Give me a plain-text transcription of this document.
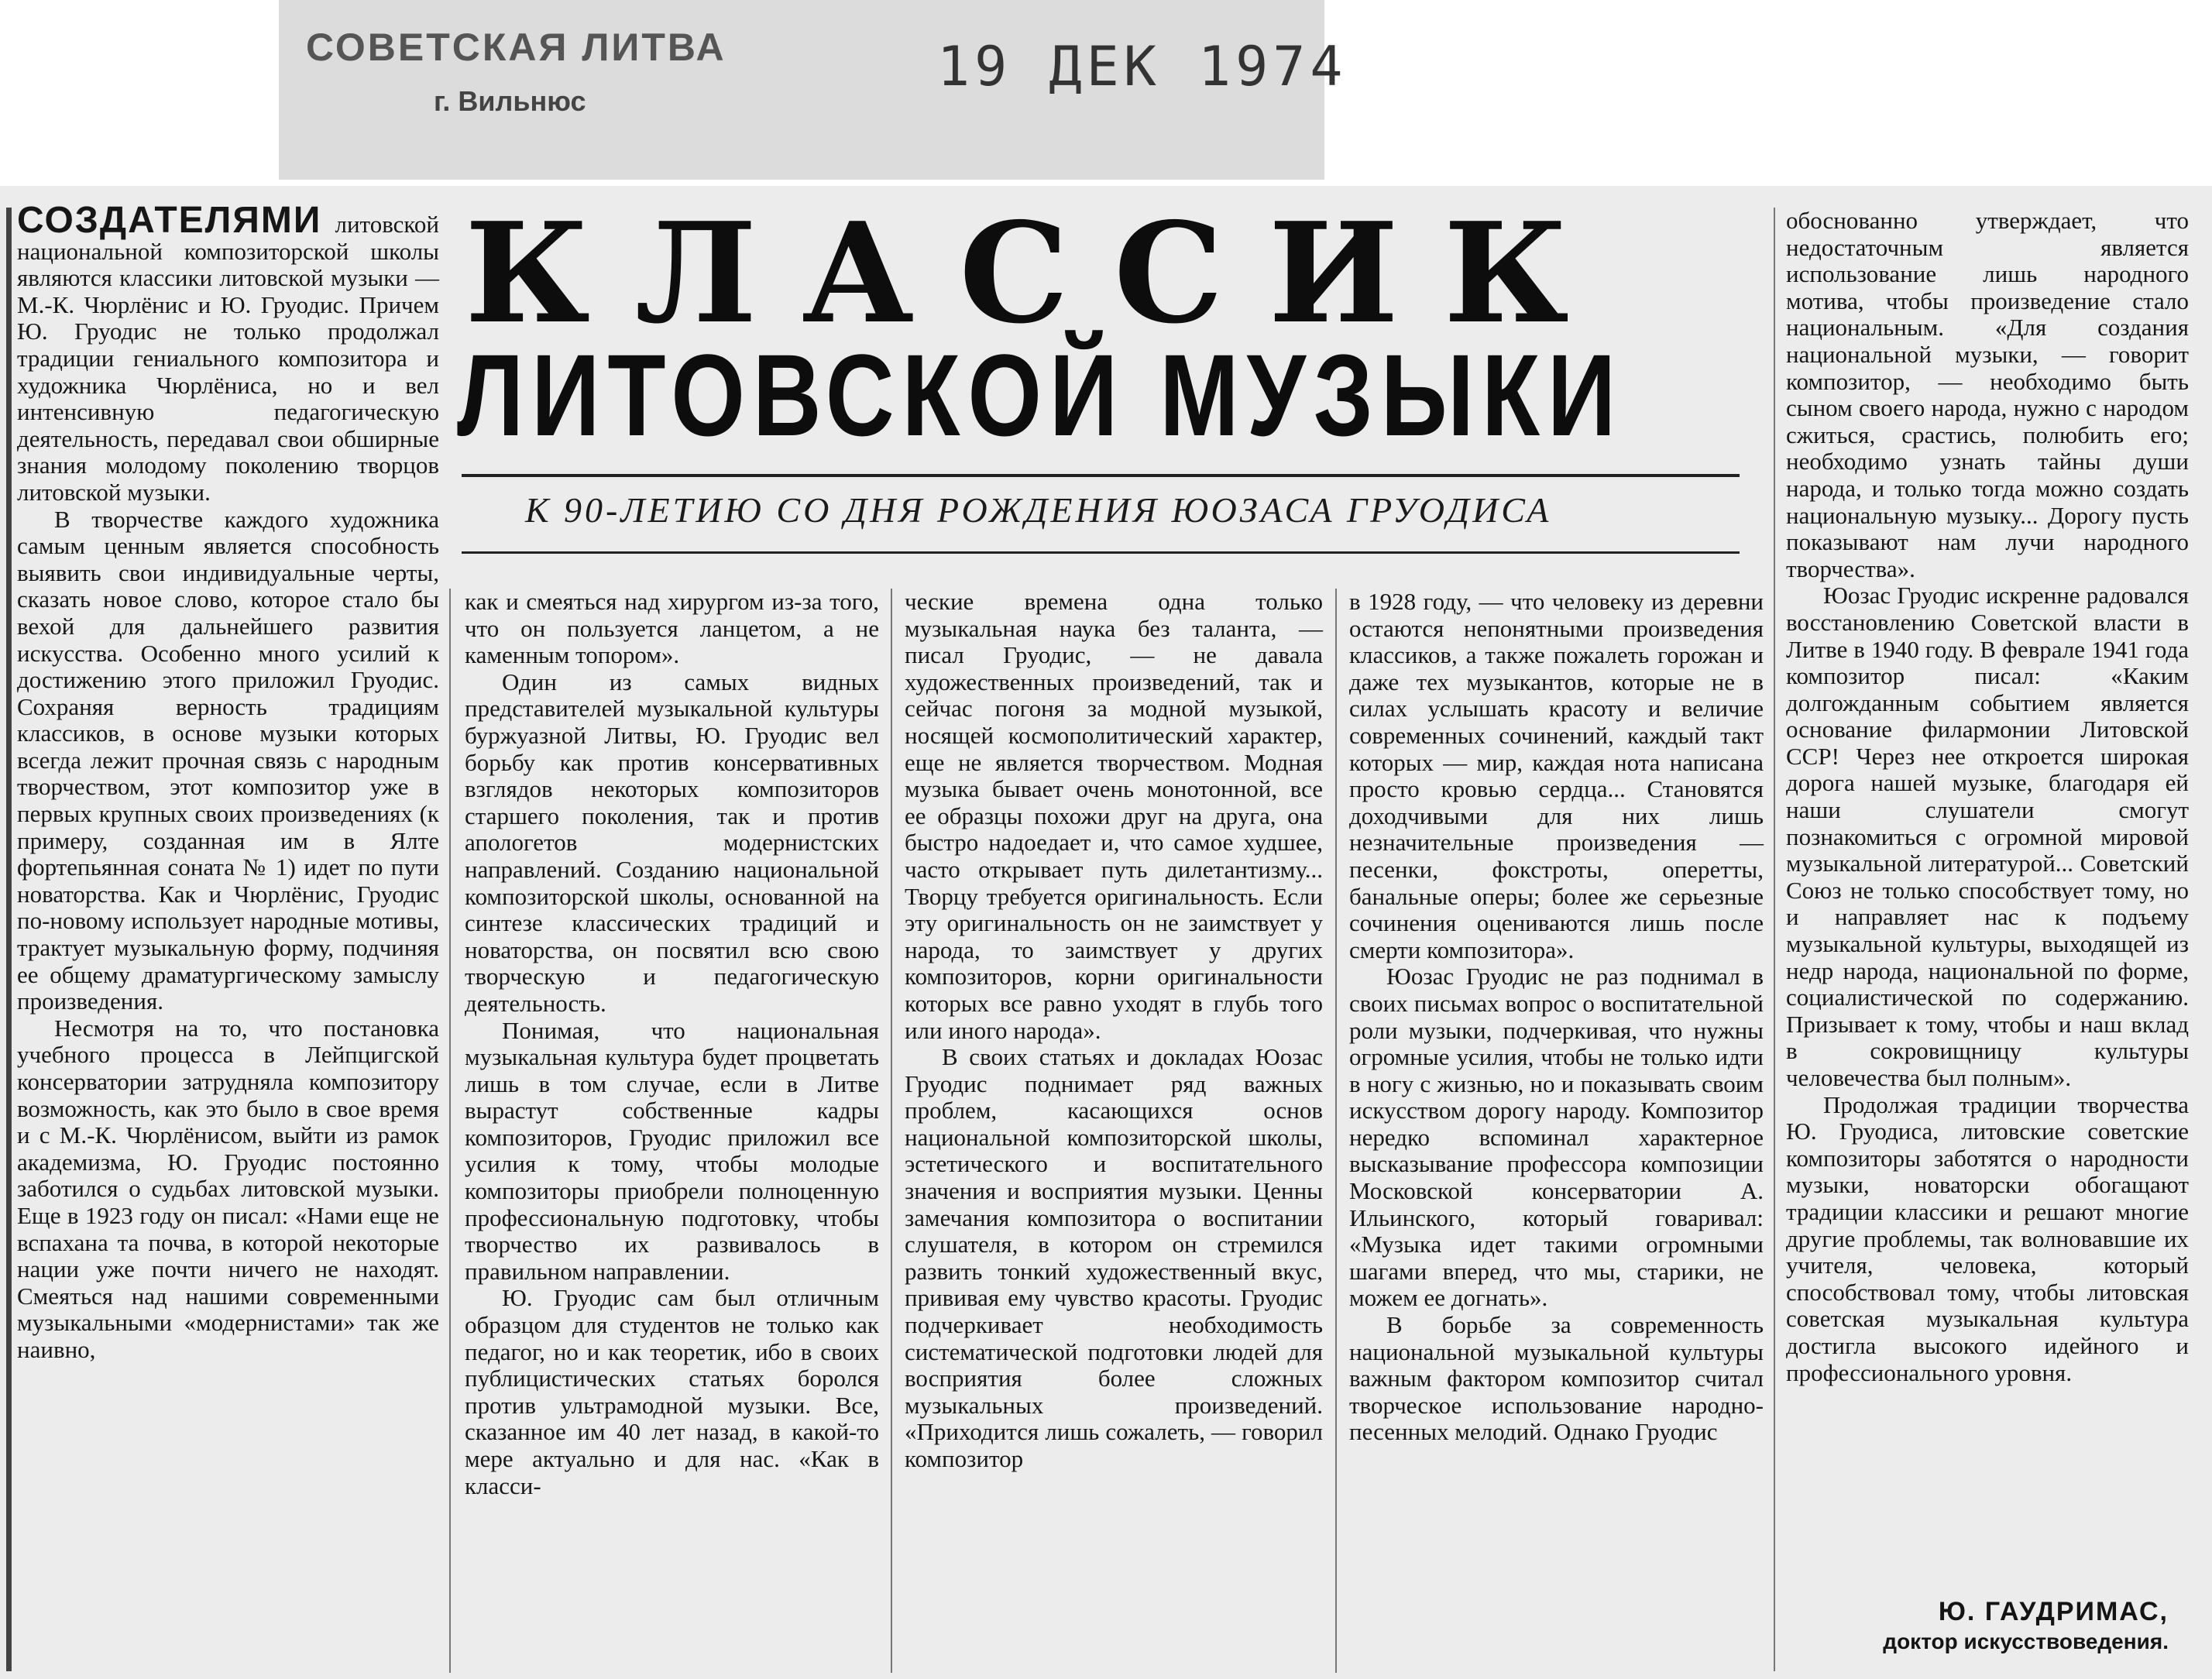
СОВЕТСКАЯ ЛИТВА
г. Вильнюс
19 ДЕК 1974

СОЗДАТЕЛЯМИ литовской национальной композиторской школы являются классики литовской музыки — М.-К. Чюрлёнис и Ю. Груодис. Причем Ю. Груодис не только продолжал традиции гениального композитора и художника Чюрлёниса, но и вел интенсивную педагогическую деятельность, передавал свои обширные знания молодому поколению творцов литовской музыки.

В творчестве каждого художника самым ценным является способность выявить свои индивидуальные черты, сказать новое слово, которое стало бы вехой для дальнейшего развития искусства. Особенно много усилий к достижению этого приложил Груодис. Сохраняя верность традициям классиков, в основе музыки которых всегда лежит прочная связь с народным творчеством, этот композитор уже в первых крупных своих произведениях (к примеру, созданная им в Ялте фортепьянная соната № 1) идет по пути новаторства. Как и Чюрлёнис, Груодис по-новому использует народные мотивы, трактует музыкальную форму, подчиняя ее общему драматургическому замыслу произведения.

Несмотря на то, что постановка учебного процесса в Лейпцигской консерватории затрудняла композитору возможность, как это было в свое время и с М.-К. Чюрлёнисом, выйти из рамок академизма, Ю. Груодис постоянно заботился о судьбах литовской музыки. Еще в 1923 году он писал: «Нами еще не вспахана та почва, в которой некоторые нации уже почти ничего не находят. Смеяться над нашими современными музыкальными «модернистами» так же наивно,

КЛАССИК
ЛИТОВСКОЙ МУЗЫКИ
К 90-ЛЕТИЮ СО ДНЯ РОЖДЕНИЯ ЮОЗАСА ГРУОДИСА

как и смеяться над хирургом из-за того, что он пользуется ланцетом, а не каменным топором».

Один из самых видных представителей музыкальной культуры буржуазной Литвы, Ю. Груодис вел борьбу как против консервативных взглядов некоторых композиторов старшего поколения, так и против апологетов модернистских направлений. Созданию национальной композиторской школы, основанной на синтезе классических традиций и новаторства, он посвятил всю свою творческую и педагогическую деятельность.

Понимая, что национальная музыкальная культура будет процветать лишь в том случае, если в Литве вырастут собственные кадры композиторов, Груодис приложил все усилия к тому, чтобы молодые композиторы приобрели полноценную профессиональную подготовку, чтобы творчество их развивалось в правильном направлении.

Ю. Груодис сам был отличным образцом для студентов не только как педагог, но и как теоретик, ибо в своих публицистических статьях боролся против ультрамодной музыки. Все, сказанное им 40 лет назад, в какой-то мере актуально и для нас. «Как в класси-

ческие времена одна только музыкальная наука без таланта, — писал Груодис, — не давала художественных произведений, так и сейчас погоня за модной музыкой, носящей космополитический характер, еще не является творчеством. Модная музыка бывает очень монотонной, все ее образцы похожи друг на друга, она быстро надоедает и, что самое худшее, часто открывает путь дилетантизму... Творцу требуется оригинальность. Если эту оригинальность он не заимствует у народа, то заимствует у других композиторов, корни оригинальности которых все равно уходят в глубь того или иного народа».

В своих статьях и докладах Юозас Груодис поднимает ряд важных проблем, касающихся основ национальной композиторской школы, эстетического и воспитательного значения и восприятия музыки. Ценны замечания композитора о воспитании слушателя, в котором он стремился развить тонкий художественный вкус, прививая ему чувство красоты. Груодис подчеркивает необходимость систематической подготовки людей для восприятия более сложных музыкальных произведений. «Приходится лишь сожалеть, — говорил композитор

в 1928 году, — что человеку из деревни остаются непонятными произведения классиков, а также пожалеть горожан и даже тех музыкантов, которые не в силах услышать красоту и величие современных сочинений, каждый такт которых — мир, каждая нота написана просто кровью сердца... Становятся доходчивыми для них лишь незначительные произведения — песенки, фокстроты, оперетты, банальные оперы; более же серьезные сочинения оцениваются лишь после смерти композитора».

Юозас Груодис не раз поднимал в своих письмах вопрос о воспитательной роли музыки, подчеркивая, что нужны огромные усилия, чтобы не только идти в ногу с жизнью, но и показывать своим искусством дорогу народу. Композитор нередко вспоминал характерное высказывание профессора композиции Московской консерватории А. Ильинского, который говаривал: «Музыка идет такими огромными шагами вперед, что мы, старики, не можем ее догнать».

В борьбе за современность национальной музыкальной культуры важным фактором композитор считал творческое использование народно-песенных мелодий. Однако Груодис

обоснованно утверждает, что недостаточным является использование лишь народного мотива, чтобы произведение стало национальным. «Для создания национальной музыки, — говорит композитор, — необходимо быть сыном своего народа, нужно с народом сжиться, срастись, полюбить его; необходимо узнать тайны души народа, и только тогда можно создать национальную музыку... Дорогу пусть показывают нам лучи народного творчества».

Юозас Груодис искренне радовался восстановлению Советской власти в Литве в 1940 году. В феврале 1941 года композитор писал: «Каким долгожданным событием является основание филармонии Литовской ССР! Через нее откроется широкая дорога нашей музыке, благодаря ей наши слушатели смогут познакомиться с огромной мировой музыкальной литературой... Советский Союз не только способствует тому, но и направляет нас к подъему музыкальной культуры, выходящей из недр народа, национальной по форме, социалистической по содержанию. Призывает к тому, чтобы и наш вклад в сокровищницу культуры человечества был полным».

Продолжая традиции творчества Ю. Груодиса, литовские советские композиторы заботятся о народности музыки, новаторски обогащают традиции классики и решают многие другие проблемы, так волновавшие их учителя, человека, который способствовал тому, чтобы литовская советская музыкальная культура достигла высокого идейного и профессионального уровня.

Ю. ГАУДРИМАС,
доктор искусствоведения.
